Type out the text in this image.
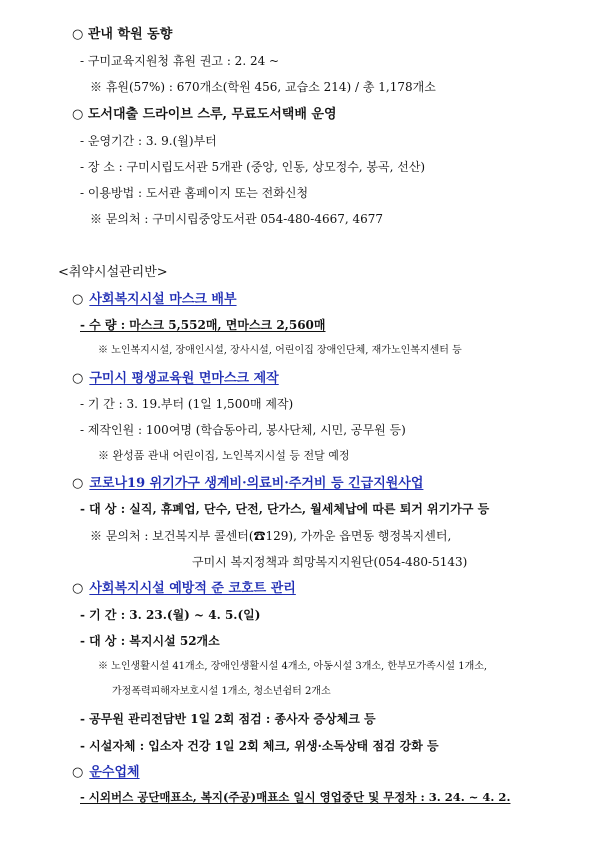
○ 관내 학원 동향
- 구미교육지원청 휴원 권고 : 2. 24 ~
※ 휴원(57%) : 670개소(학원 456, 교습소 214) / 총 1,178개소
○ 도서대출 드라이브 스루, 무료도서택배 운영
- 운영기간 : 3. 9.(월)부터
- 장 소 : 구미시립도서관 5개관 (중앙, 인동, 상모정수, 봉곡, 선산)
- 이용방법 : 도서관 홈페이지 또는 전화신청
※ 문의처 : 구미시립중앙도서관 054-480-4667, 4677
<취약시설관리반>
○ 사회복지시설 마스크 배부
- 수 량 : 마스크 5,552매, 면마스크 2,560매
※ 노인복지시설, 장애인시설, 장사시설, 어린이집 장애인단체, 재가노인복지센터 등
○ 구미시 평생교육원 면마스크 제작
- 기 간 : 3. 19.부터 (1일 1,500매 제작)
- 제작인원 : 100여명 (학습동아리, 봉사단체, 시민, 공무원 등)
※ 완성품 관내 어린이집, 노인복지시설 등 전달 예정
○ 코로나19 위기가구 생계비·의료비·주거비 등 긴급지원사업
- 대 상 : 실직, 휴폐업, 단수, 단전, 단가스, 월세체납에 따른 퇴거 위기가구 등
※ 문의처 : 보건복지부 콜센터(☎129), 가까운 읍면동 행정복지센터,
구미시 복지정책과 희망복지지원단(054-480-5143)
○ 사회복지시설 예방적 준 코호트 관리
- 기 간 : 3. 23.(월) ~ 4. 5.(일)
- 대 상 : 복지시설 52개소
※ 노인생활시설 41개소, 장애인생활시설 4개소, 아동시설 3개소, 한부모가족시설 1개소,
가정폭력피해자보호시설 1개소, 청소년쉼터 2개소
- 공무원 관리전담반 1일 2회 점검 : 종사자 증상체크 등
- 시설자체 : 입소자 건강 1일 2회 체크, 위생·소독상태 점검 강화 등
○ 운수업체
- 시외버스 공단매표소, 복지(주공)매표소 일시 영업중단 및 무정차 : 3. 24. ~ 4. 2.
